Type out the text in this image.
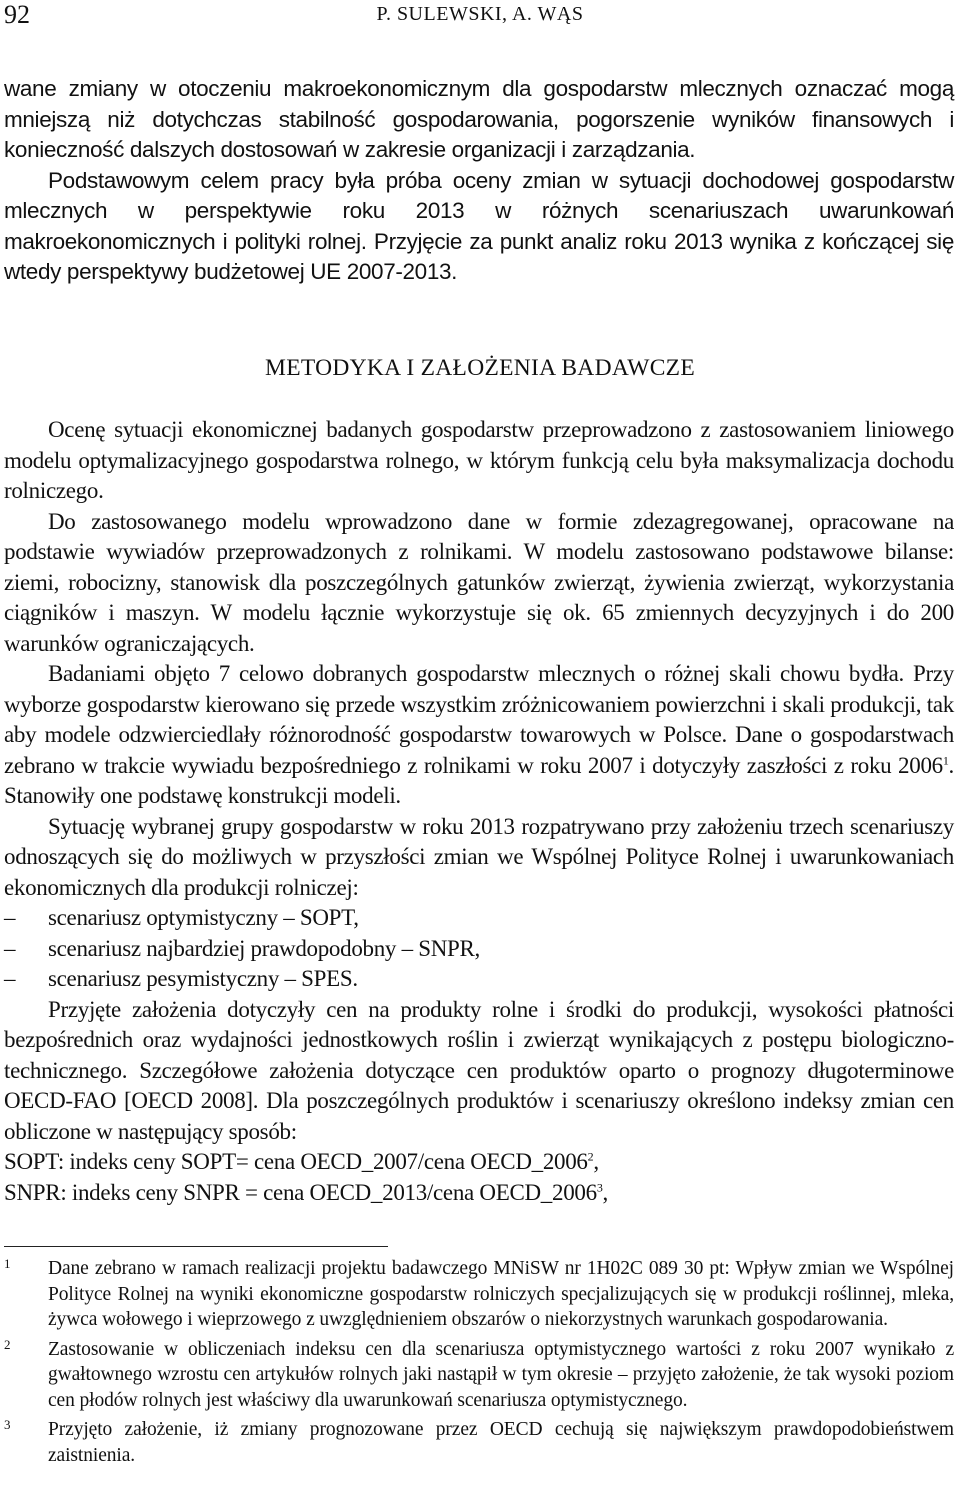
92	P. SULEWSKI, A. WĄS

wane zmiany w otoczeniu makroekonomicznym dla gospodarstw mlecznych oznaczać mogą mniejszą niż dotychczas stabilność gospodarowania, pogorszenie wyników finansowych i konieczność dalszych dostosowań w zakresie organizacji i zarządzania.

Podstawowym celem pracy była próba oceny zmian w sytuacji dochodowej gospodarstw mlecznych w perspektywie roku 2013 w różnych scenariuszach uwarunkowań makroekonomicznych i polityki rolnej. Przyjęcie za punkt analiz roku 2013 wynika z kończącej się wtedy perspektywy budżetowej UE 2007-2013.

METODYKA I ZAŁOŻENIA BADAWCZE

Ocenę sytuacji ekonomicznej badanych gospodarstw przeprowadzono z zastosowaniem liniowego modelu optymalizacyjnego gospodarstwa rolnego, w którym funkcją celu była maksymalizacja dochodu rolniczego.

Do zastosowanego modelu wprowadzono dane w formie zdezagregowanej, opracowane na podstawie wywiadów przeprowadzonych z rolnikami. W modelu zastosowano podstawowe bilanse: ziemi, robocizny, stanowisk dla poszczególnych gatunków zwierząt, żywienia zwierząt, wykorzystania ciągników i maszyn. W modelu łącznie wykorzystuje się ok. 65 zmiennych decyzyjnych i do 200 warunków ograniczających.

Badaniami objęto 7 celowo dobranych gospodarstw mlecznych o różnej skali chowu bydła. Przy wyborze gospodarstw kierowano się przede wszystkim zróżnicowaniem powierzchni i skali produkcji, tak aby modele odzwierciedlały różnorodność gospodarstw towarowych w Polsce. Dane o gospodarstwach zebrano w trakcie wywiadu bezpośredniego z rolnikami w roku 2007 i dotyczyły zaszłości z roku 2006$^1$. Stanowiły one podstawę konstrukcji modeli.

Sytuację wybranej grupy gospodarstw w roku 2013 rozpatrywano przy założeniu trzech scenariuszy odnoszących się do możliwych w przyszłości zmian we Wspólnej Polityce Rolnej i uwarunkowaniach ekonomicznych dla produkcji rolniczej:

– scenariusz optymistyczny – SOPT,
– scenariusz najbardziej prawdopodobny – SNPR,
– scenariusz pesymistyczny – SPES.

Przyjęte założenia dotyczyły cen na produkty rolne i środki do produkcji, wysokości płatności bezpośrednich oraz wydajności jednostkowych roślin i zwierząt wynikających z postępu biologiczno-technicznego. Szczegółowe założenia dotyczące cen produktów oparto o prognozy długoterminowe OECD-FAO [OECD 2008]. Dla poszczególnych produktów i scenariuszy określono indeksy zmian cen obliczone w następujący sposób:

SOPT: indeks ceny SOPT= cena OECD_2007/cena OECD_2006$^2$,

SNPR: indeks ceny SNPR = cena OECD_2013/cena OECD_2006$^3$,

1 Dane zebrano w ramach realizacji projektu badawczego MNiSW nr 1H02C 089 30 pt: Wpływ zmian we Wspólnej Polityce Rolnej na wyniki ekonomiczne gospodarstw rolniczych specjalizujących się w produkcji roślinnej, mleka, żywca wołowego i wieprzowego z uwzględnieniem obszarów o niekorzystnych warunkach gospodarowania.
2 Zastosowanie w obliczeniach indeksu cen dla scenariusza optymistycznego wartości z roku 2007 wynikało z gwałtownego wzrostu cen artykułów rolnych jaki nastąpił w tym okresie – przyjęto założenie, że tak wysoki poziom cen płodów rolnych jest właściwy dla uwarunkowań scenariusza optymistycznego.
3 Przyjęto założenie, iż zmiany prognozowane przez OECD cechują się największym prawdopodobieństwem zaistnienia.
